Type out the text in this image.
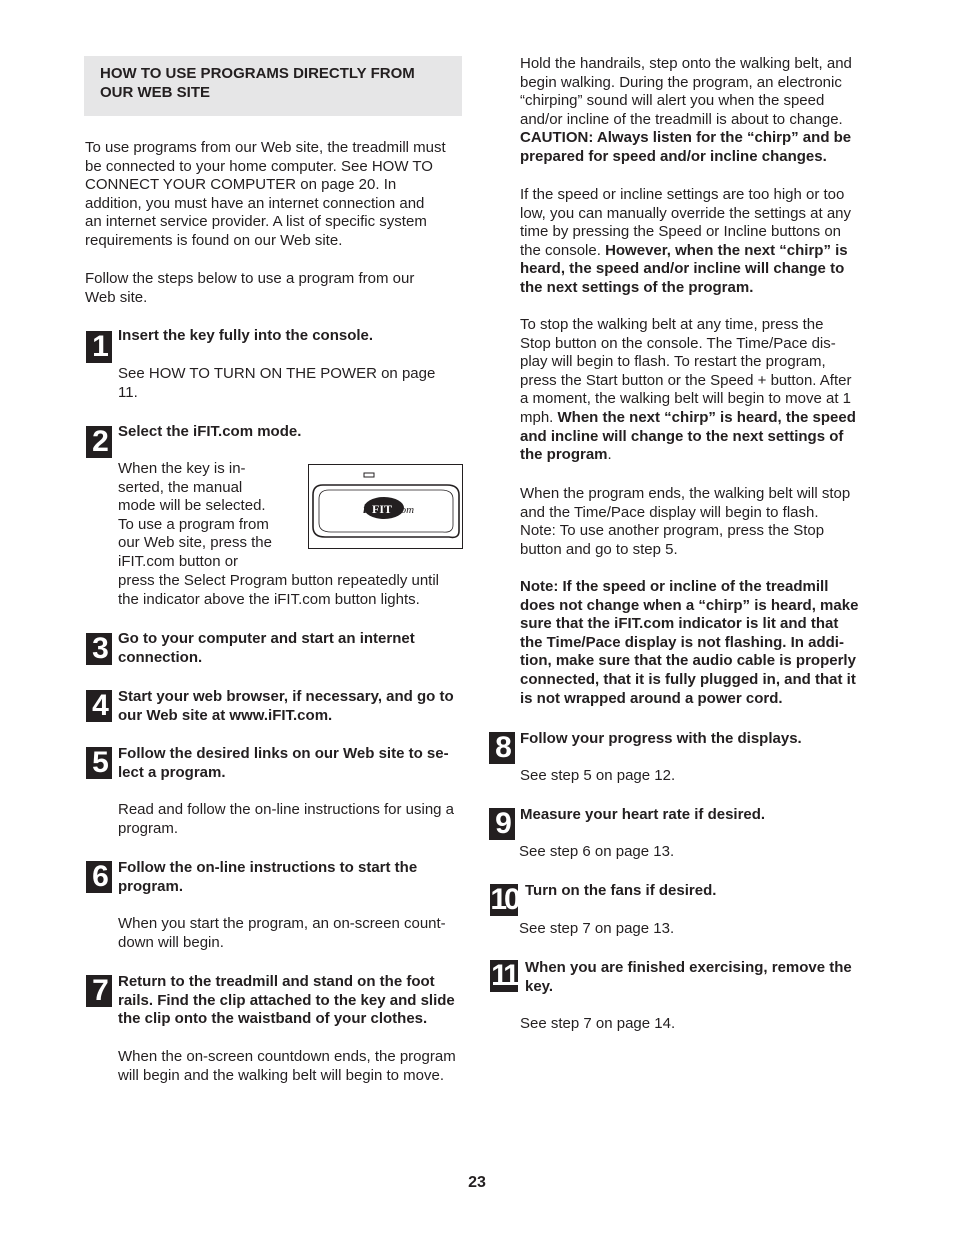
HOW TO USE PROGRAMS DIRECTLY FROM
OUR WEB SITE

To use programs from our Web site, the treadmill must
be connected to your home computer. See HOW TO
CONNECT YOUR COMPUTER on page 20. In
addition, you must have an internet connection and
an internet service provider. A list of specific system
requirements is found on our Web site.

Follow the steps below to use a program from our
Web site.

1 Insert the key fully into the console.

See HOW TO TURN ON THE POWER on page
11.

2 Select the iFIT.com mode.

When the key is in-
serted, the manual
mode will be selected.
To use a program from
our Web site, press the
iFIT.com button or

press the Select Program button repeatedly until
the indicator above the iFIT.com button lights.

i FIT .com
3 Go to your computer and start an internet
connection.

4 Start your web browser, if necessary, and go to
our Web site at www.iFIT.com.

5 Follow the desired links on our Web site to se-
lect a program.

Read and follow the on-line instructions for using a
program.

6 Follow the on-line instructions to start the
program.

When you start the program, an on-screen count-
down will begin.

7 Return to the treadmill and stand on the foot
rails. Find the clip attached to the key and slide
the clip onto the waistband of your clothes.

When the on-screen countdown ends, the program
will begin and the walking belt will begin to move.

Hold the handrails, step onto the walking belt, and
begin walking. During the program, an electronic
“chirping” sound will alert you when the speed
and/or incline of the treadmill is about to change.
CAUTION: Always listen for the “chirp” and be
prepared for speed and/or incline changes.

If the speed or incline settings are too high or too
low, you can manually override the settings at any
time by pressing the Speed or Incline buttons on
the console. However, when the next “chirp” is
heard, the speed and/or incline will change to
the next settings of the program.

To stop the walking belt at any time, press the
Stop button on the console. The Time/Pace dis-
play will begin to flash. To restart the program,
press the Start button or the Speed + button. After
a moment, the walking belt will begin to move at 1
mph. When the next “chirp” is heard, the speed
and incline will change to the next settings of
the program.

When the program ends, the walking belt will stop
and the Time/Pace display will begin to flash.
Note: To use another program, press the Stop
button and go to step 5.

Note: If the speed or incline of the treadmill
does not change when a “chirp” is heard, make
sure that the iFIT.com indicator is lit and that
the Time/Pace display is not flashing. In addi-
tion, make sure that the audio cable is properly
connected, that it is fully plugged in, and that it
is not wrapped around a power cord.

8 Follow your progress with the displays.

See step 5 on page 12.

9 Measure your heart rate if desired.

See step 6 on page 13.

10 Turn on the fans if desired.

See step 7 on page 13.

11 When you are finished exercising, remove the
key.

See step 7 on page 14.

23
